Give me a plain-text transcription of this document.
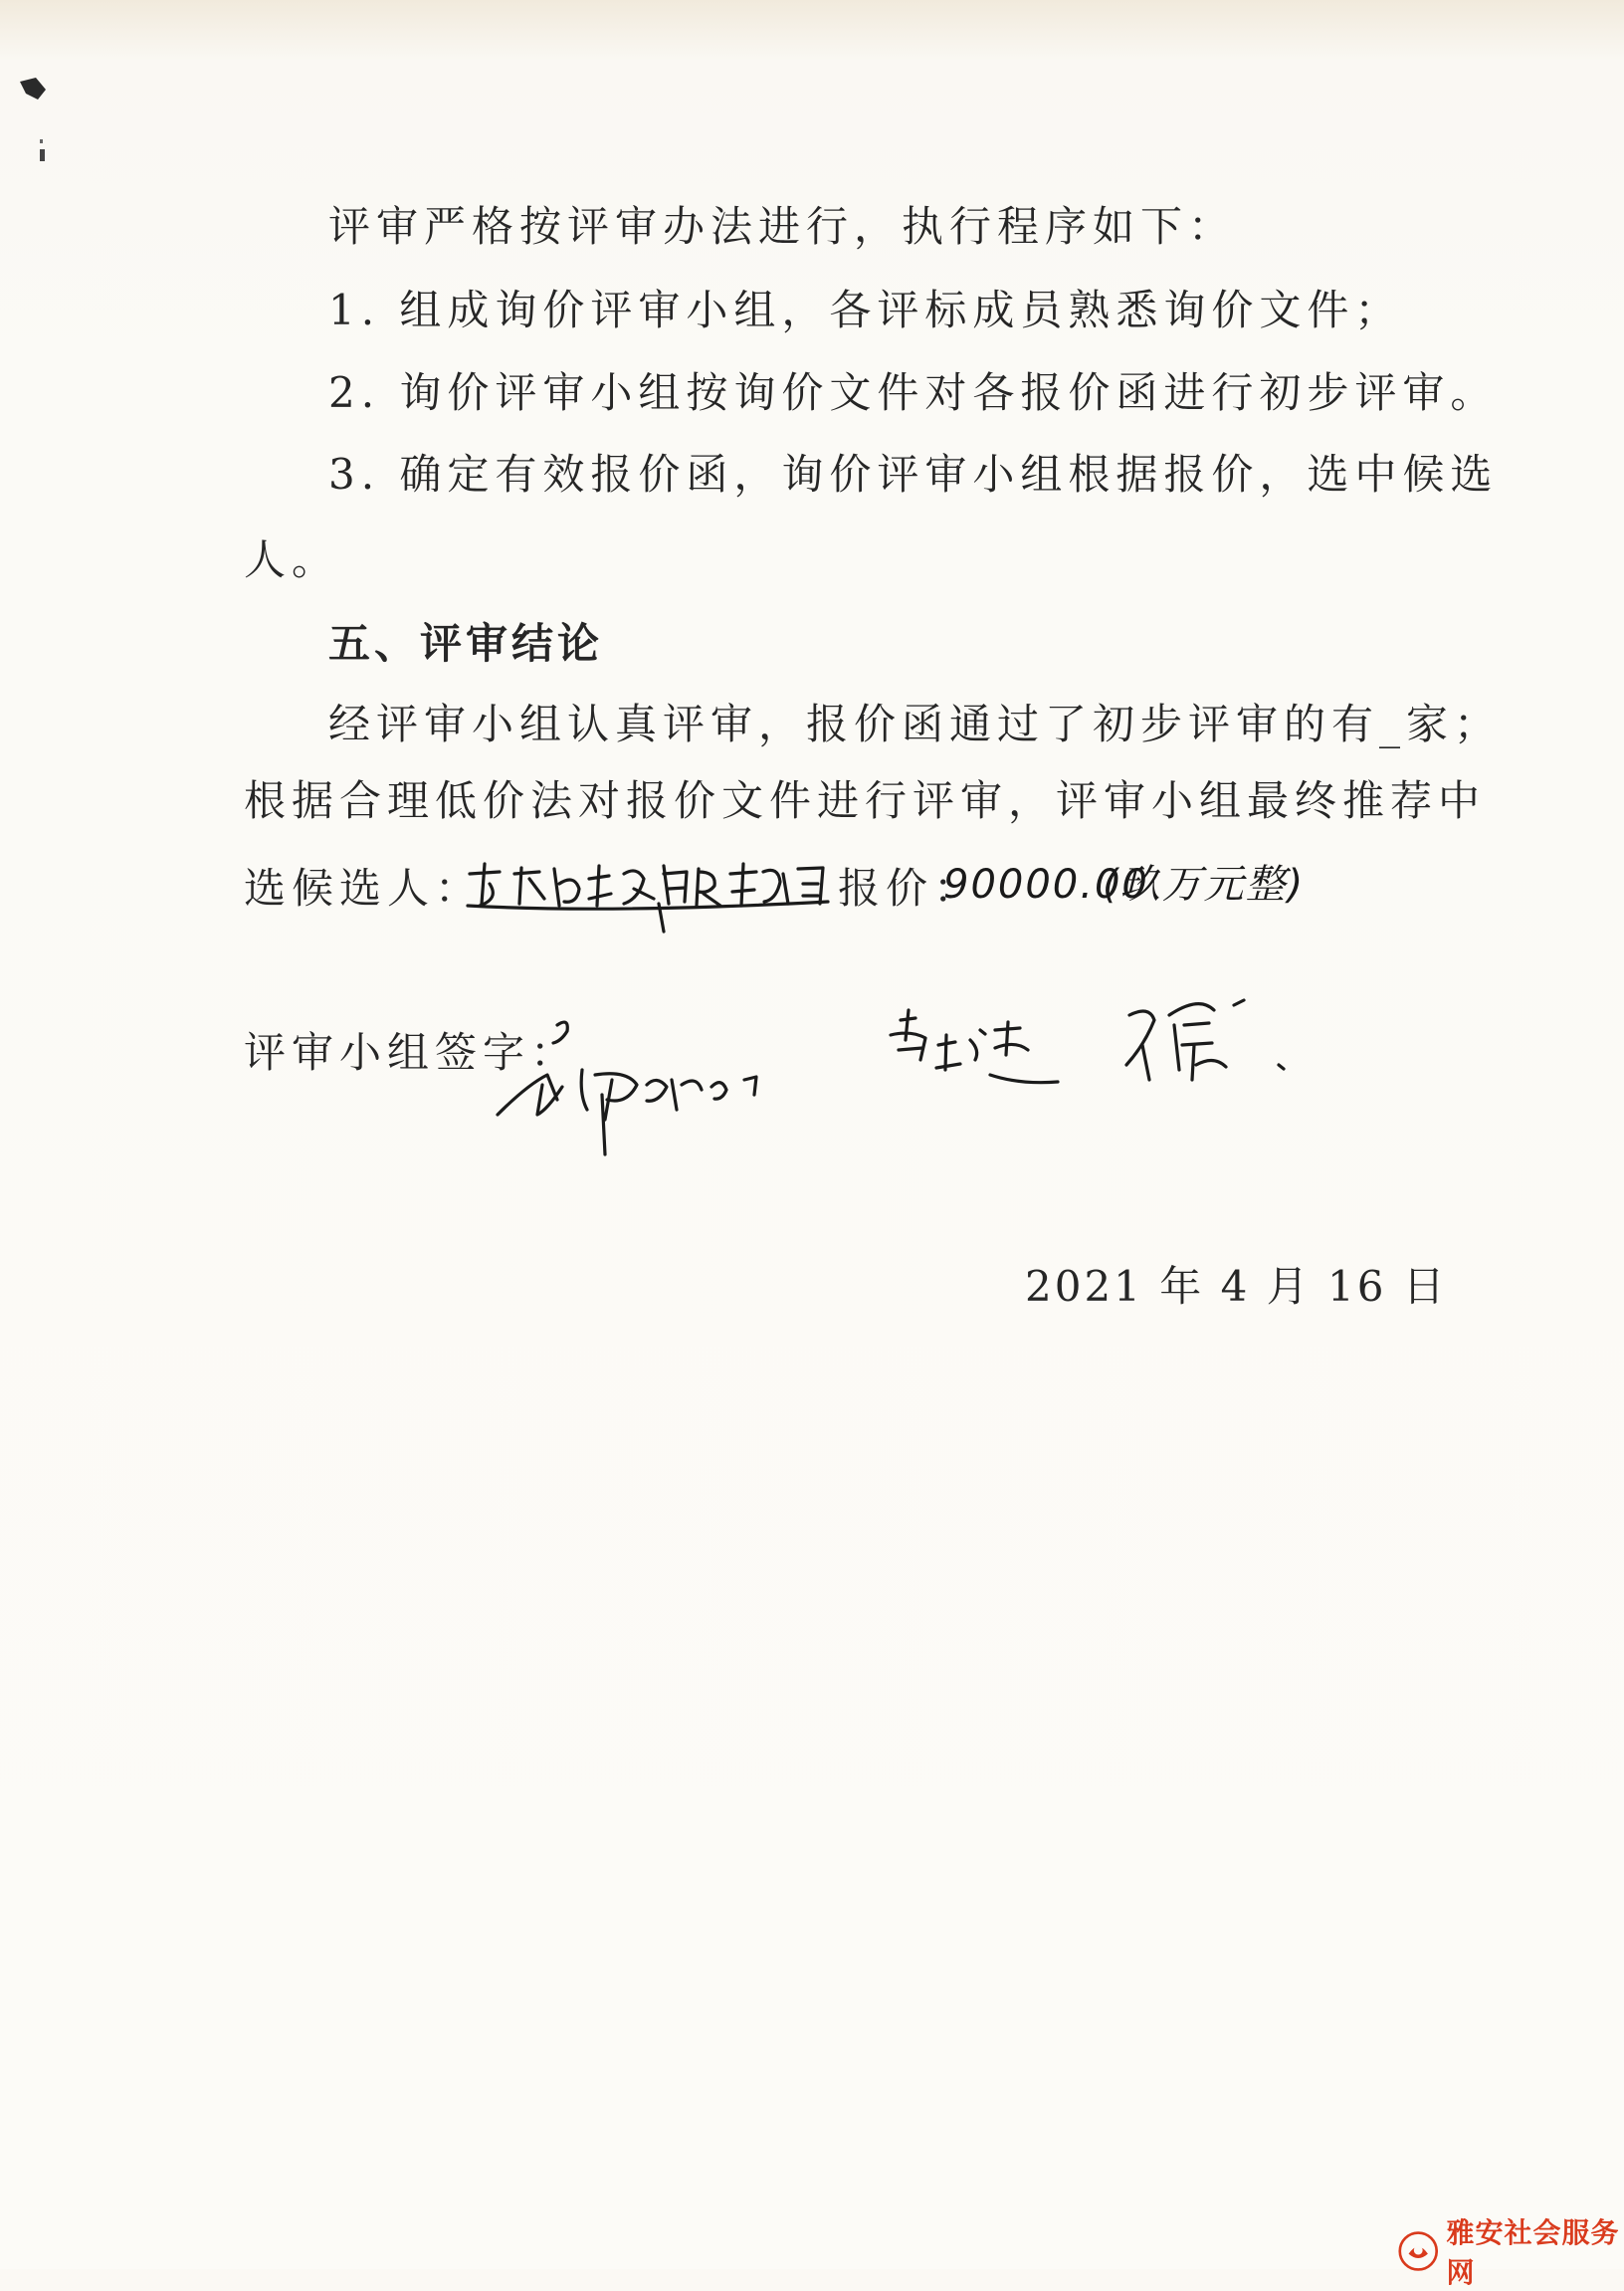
评审严格按评审办法进行，执行程序如下：
1. 组成询价评审小组，各评标成员熟悉询价文件；
2. 询价评审小组按询价文件对各报价函进行初步评审。
3. 确定有效报价函，询价评审小组根据报价，选中候选
人。
五、评审结论
经评审小组认真评审，报价函通过了初步评审的有_家；
根据合理低价法对报价文件进行评审，评审小组最终推荐中
选候选人：	报价：
90000.00
(玖万元整)
评审小组签字：
2021 年 4 月 16 日
雅安社会服务网
